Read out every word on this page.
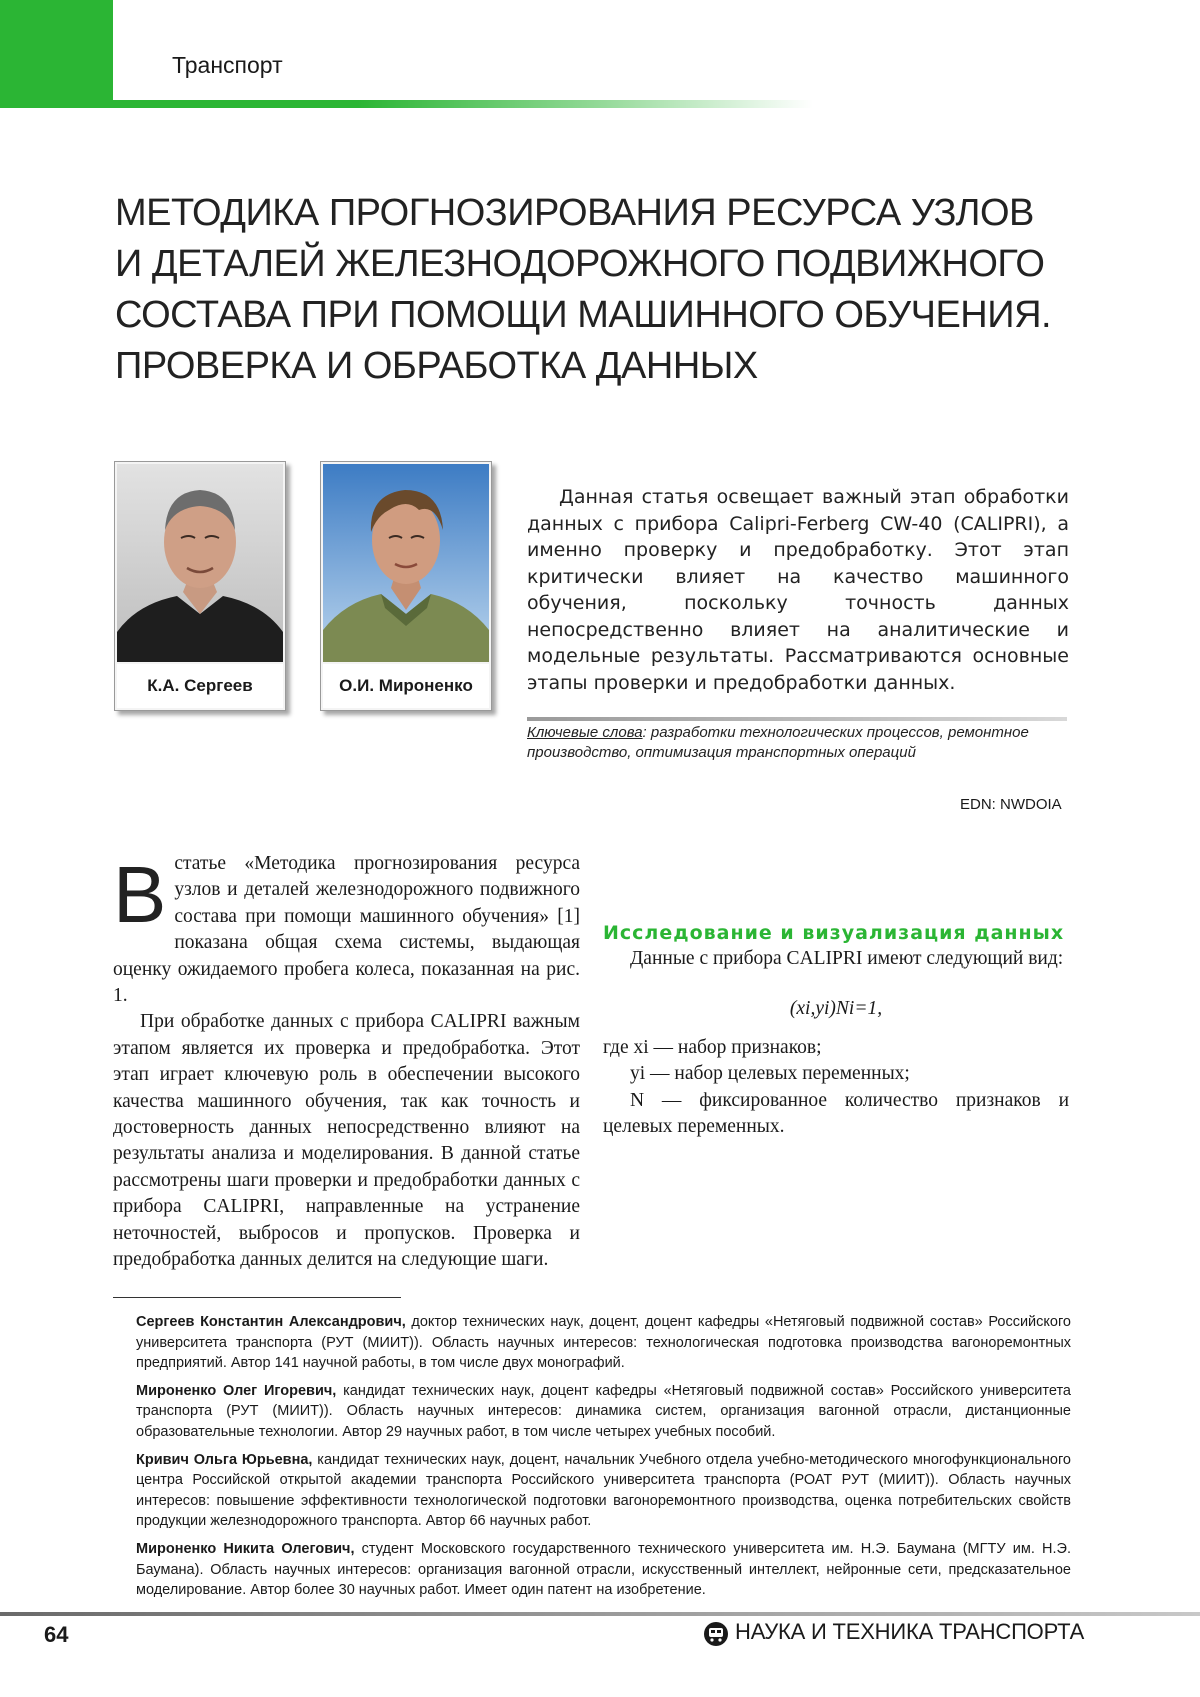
Транспорт
МЕТОДИКА ПРОГНОЗИРОВАНИЯ РЕСУРСА УЗЛОВ
И ДЕТАЛЕЙ ЖЕЛЕЗНОДОРОЖНОГО ПОДВИЖНОГО
СОСТАВА ПРИ ПОМОЩИ МАШИННОГО ОБУЧЕНИЯ.
ПРОВЕРКА И ОБРАБОТКА ДАННЫХ
К.А. Сергеев	О.И. Мироненко
Данная статья освещает важный этап обработки данных с прибора Calipri-Ferberg CW-40 (CALIPRI), а именно проверку и предобработку. Этот этап критически влияет на качество машинного обучения, поскольку точность данных непосредственно влияет на аналитические и модельные результаты. Рассматриваются основные этапы проверки и предобработки данных.
Ключевые слова: разработки технологических процессов, ремонтное производство, оптимизация транспортных операций
EDN: NWDOIA

Встатье «Методика прогнозирования ресурса узлов и деталей железнодорожного подвижного состава при помощи машинного обучения» [1] показана общая схема системы, выдающая оценку ожидаемого пробега колеса, показанная на рис. 1.

При обработке данных с прибора CALIPRI важным этапом является их проверка и предобработка. Этот этап играет ключевую роль в обеспечении высокого качества машинного обучения, так как точность и достоверность данных непосредственно влияют на результаты анализа и моделирования. В данной статье рассмотрены шаги проверки и предобработки данных с прибора CALIPRI, направленные на устранение неточностей, выбросов и пропусков. Проверка и предобработка данных делится на следующие шаги.

Исследование и визуализация данных

Данные с прибора CALIPRI имеют следующий вид:

(xi,yi)Ni=1,

где xi — набор признаков;

yi — набор целевых переменных;

N — фиксированное количество признаков и целевых переменных.

Сергеев Константин Александрович, доктор технических наук, доцент, доцент кафедры «Нетяговый подвижной состав» Российского университета транспорта (РУТ (МИИТ)). Область научных интересов: технологическая подготовка производства вагоноремонтных предприятий. Автор 141 научной работы, в том числе двух монографий.

Мироненко Олег Игоревич, кандидат технических наук, доцент кафедры «Нетяговый подвижной состав» Российского университета транспорта (РУТ (МИИТ)). Область научных интересов: динамика систем, организация вагонной отрасли, дистанционные образовательные технологии. Автор 29 научных работ, в том числе четырех учебных пособий.

Кривич Ольга Юрьевна, кандидат технических наук, доцент, начальник Учебного отдела учебно-методического многофункционального центра Российской открытой академии транспорта Российского университета транспорта (РОАТ РУТ (МИИТ)). Область научных интересов: повышение эффективности технологической подготовки вагоноремонтного производства, оценка потребительских свойств продукции железнодорожного транспорта. Автор 66 научных работ.

Мироненко Никита Олегович, студент Московского государственного технического университета им. Н.Э. Баумана (МГТУ им. Н.Э. Баумана). Область научных интересов: организация вагонной отрасли, искусственный интеллект, нейронные сети, предсказательное моделирование. Автор более 30 научных работ. Имеет один патент на изобретение.

64	НАУКА И ТЕХНИКА ТРАНСПОРТА
